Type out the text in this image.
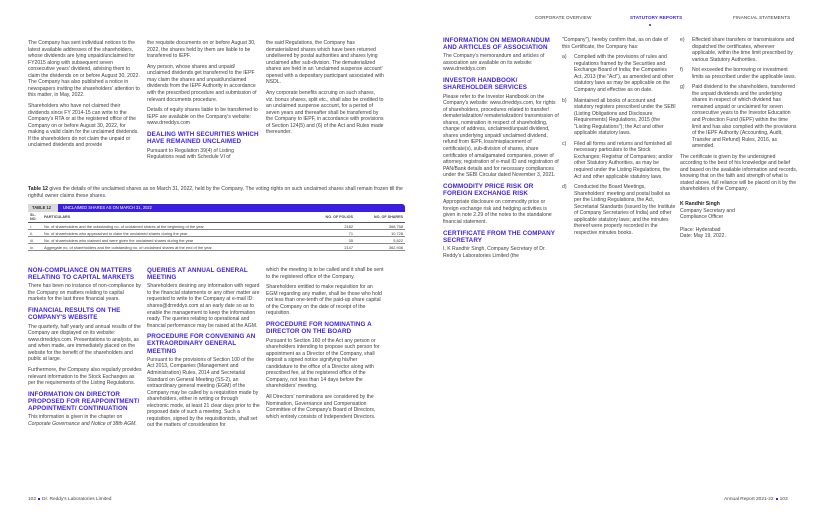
CORPORATE OVERVIEW	STATUTORY REPORTS	FINANCIAL STATEMENTS

The Company has sent individual notices to the latest available addresses of the shareholders, whose dividends are lying unpaid/unclaimed for FY2015 along with subsequent seven consecutive years' dividend, advising them to claim the dividends on or before August 30, 2022. The Company has also published a notice in newspapers inviting the shareholders' attention to this matter, in May, 2022.

Shareholders who have not claimed their dividends since FY 2014-15 can write to the Company's RTA or at the registered office of the Company on or before August 30, 2022, for making a valid claim for the unclaimed dividends. If the shareholders do not claim the unpaid or unclaimed dividends and provide

the requisite documents on or before August 30, 2022, the shares held by them are liable to be transferred to IEPF.

Any person, whose shares and unpaid/ unclaimed dividends get transferred to the IEPF may claim the shares and unpaid/unclaimed dividends from the IEPF Authority in accordance with the prescribed procedure and submission of relevant documents procedure.

Details of equity shares liable to be transferred to IEPF are available on the Company's website: www.drreddys.com

DEALING WITH SECURITIES WHICH HAVE REMAINED UNCLAIMED

Pursuant to Regulation 39(4) of Listing Regulations read with Schedule VI of

the said Regulations, the Company has dematerialized shares which have been returned undelivered by postal authorities and shares lying unclaimed after sub-division. The dematerialized shares are held in an 'unclaimed suspense account' opened with a depositary participant associated with NSDL.

Any corporate benefits accruing on such shares, viz. bonus shares, split etc., shall also be credited to an unclaimed suspense account, for a period of seven years and thereafter shall be transferred by the Company to IEPF, in accordance with provisions of Section 124(5) and (6) of the Act and Rules made thereunder.

Table 12 gives the details of the unclaimed shares as on March 31, 2022, held by the Company. The voting rights on such unclaimed shares shall remain frozen till the rightful owner claims these shares.
TABLE 12	UNCLAIMED SHARES AS ON MARCH 31, 2022
SL. NO.	PARTICULARS	NO. OF FOLIOS	NO. OF SHARES
i.	No. of shareholders and the outstanding no. of unclaimed shares at the beginning of the year	2182	368,758
ii.	No. of shareholders who approached to claim the unclaimed shares during the year	71	10,728
iii.	No. of shareholders who claimed and were given the unclaimed shares during the year	35	5,822
iv.	Aggregate no. of shareholders and the outstanding no. of unclaimed shares at the end of the year	2147	362,936
NON-COMPLIANCE ON MATTERS RELATING TO CAPITAL MARKETS

There has been no instance of non-compliance by the Company on matters relating to capital markets for the last three financial years.

FINANCIAL RESULTS ON THE COMPANY'S WEBSITE

The quarterly, half yearly and annual results of the Company are displayed on its website: www.drreddys.com. Presentations to analysts, as and when made, are immediately placed on the website for the benefit of the shareholders and public at large.

Furthermore, the Company also regularly provides relevant information to the Stock Exchanges as per the requirements of the Listing Regulations.

INFORMATION ON DIRECTOR PROPOSED FOR REAPPOINTMENT/ APPOINTMENT/ CONTINUATION

This information is given in the chapter on Corporate Governance and Notice of 38th AGM.

QUERIES AT ANNUAL GENERAL MEETING

Shareholders desiring any information with regard to the financial statements or any other matter are requested to write to the Company at e-mail ID: shares@drreddys.com at an early date so as to enable the management to keep the information ready. The queries relating to operational and financial performance may be raised at the AGM.

PROCEDURE FOR CONVENING AN EXTRAORDINARY GENERAL MEETING

Pursuant to the provisions of Section 100 of the Act 2013, Companies (Management and Administration) Rules, 2014 and Secretarial Standard on General Meeting (SS-2), an extraordinary general meeting (EGM) of the Company may be called by a requisition made by shareholders, either in writing or through electronic mode, at least 21 clear days prior to the proposed date of such a meeting. Such a requisition, signed by the requisitionists, shall set out the matters of consideration for

which the meeting is to be called and it shall be sent to the registered office of the Company.

Shareholders entitled to make requisition for an EGM regarding any matter, shall be those who hold not less than one-tenth of the paid-up share capital of the Company on the date of receipt of the requisition.

PROCEDURE FOR NOMINATING A DIRECTOR ON THE BOARD

Pursuant to Section 160 of the Act any person or shareholders intending to propose such person for appointment as a Director of the Company, shall deposit a signed notice signifying his/her candidature to the office of a Director along with prescribed fee, at the registered office of the Company, not less than 14 days before the shareholders' meeting.

All Directors' nominations are considered by the Nomination, Governance and Compensation Committee of the Company's Board of Directors, which entirely consists of Independent Directors.

INFORMATION ON MEMORANDUM AND ARTICLES OF ASSOCIATION

The Company's memorandum and articles of association are available on its website: www.drreddys.com

INVESTOR HANDBOOK/ SHAREHOLDER SERVICES

Please refer to the Investor Handbook on the Company's website: www.drreddys.com, for rights of shareholders, procedures related to transfer/ dematerialization/ rematerialization/ transmission of shares, nomination in respect of shareholding, change of address, unclaimed/unpaid dividend, shares underlying unpaid/ unclaimed dividend, refund from IEPF, loss/misplacement of certificate(s), sub-division of shares, share certificates of amalgamated companies, power of attorney, registration of e-mail ID and registration of PAN/Bank details and for necessary compliances under the SEBI Circular dated November 3, 2021.

COMMODITY PRICE RISK OR FOREIGN EXCHANGE RISK

Appropriate disclosure on commodity price or foreign exchange risk and hedging activities is given in note 2.29 of the notes to the standalone financial statement.

CERTIFICATE FROM THE COMPANY SECRETARY

I, K Randhir Singh, Company Secretary of Dr. Reddy's Laboratories Limited (the

"Company"), hereby confirm that, as on date of this Certificate, the Company has:

a)	Complied with the provisions of rules and regulations framed by the Securities and Exchange Board of India; the Companies Act, 2013 (the "Act"), as amended and other statutory laws as may be applicable on the Company and effective as on date.
b)	Maintained all books of account and statutory registers prescribed under the SEBI (Listing Obligations and Disclosure Requirements) Regulations, 2015 (the "Listing Regulations"); the Act and other applicable statutory laws.
c)	Filed all forms and returns and furnished all necessary particulars to the Stock Exchanges; Registrar of Companies; and/or other Statutory Authorities, as may be required under the Listing Regulations, the Act and other applicable statutory laws.
d)	Conducted the Board Meetings, Shareholders' meeting and postal ballot as per the Listing Regulations, the Act, Secretarial Standards (issued by the Institute of Company Secretaries of India) and other applicable statutory laws; and the minutes thereof were properly recorded in the respective minutes books.
e)	Effected share transfers or transmissions and dispatched the certificates, wherever applicable, within the time limit prescribed by various Statutory Authorities.
f)	Not exceeded the borrowing or investment limits as prescribed under the applicable laws.
g)	Paid dividend to the shareholders, transferred the unpaid dividends and the underlying shares in respect of which dividend has remained unpaid or unclaimed for seven consecutive years to the Investor Education and Protection Fund (IEPF) within the time limit and has also complied with the provisions of the IEPF Authority (Accounting, Audit, Transfer and Refund) Rules, 2016, as amended.

The certificate is given by the undersigned according to the best of his knowledge and belief and based on the available information and records, knowing that on the faith and strength of what is stated above, full reliance will be placed on it by the shareholders of the Company.

K Randhir Singh
Company Secretary and
Compliance Officer
Place: Hyderabad
Date: May 19, 2022.
102 Dr. Reddy's Laboratories Limited	Annual Report 2021-22 103
